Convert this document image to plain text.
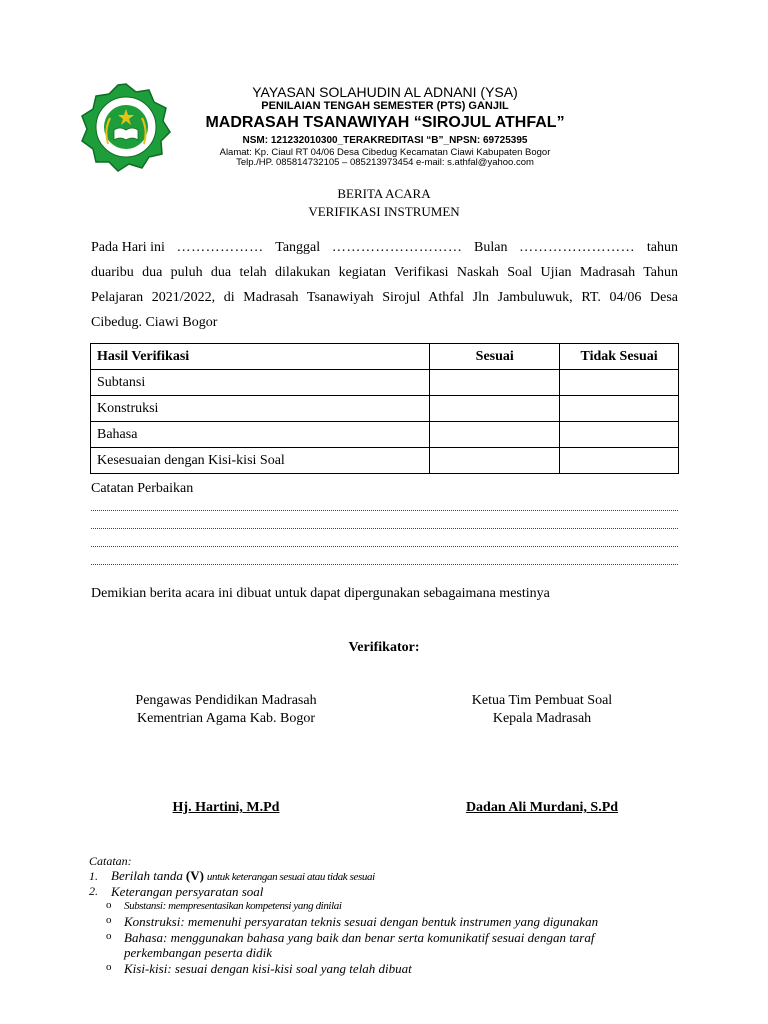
YAYASAN SOLAHUDIN AL ADNANI (YSA)
PENILAIAN TENGAH SEMESTER (PTS) GANJIL
MADRASAH TSANAWIYAH “SIROJUL ATHFAL”
NSM: 121232010300_TERAKREDITASI “B”_NPSN: 69725395
Alamat: Kp. Ciaul RT 04/06 Desa Cibedug Kecamatan Ciawi Kabupaten Bogor
Telp./HP. 085814732105 – 085213973454 e-mail: s.athfal@yahoo.com
BERITA ACARA
VERIFIKASI INSTRUMEN
Pada Hari ini ……………… Tanggal ……………………… Bulan …………………… tahun
duaribu dua puluh dua telah dilakukan kegiatan Verifikasi Naskah Soal Ujian Madrasah Tahun
Pelajaran 2021/2022, di Madrasah Tsanawiyah Sirojul Athfal Jln Jambuluwuk, RT. 04/06 Desa
Cibedug. Ciawi Bogor
Hasil Verifikasi	Sesuai	Tidak Sesuai
Subtansi		
Konstruksi		
Bahasa		
Kesesuaian dengan Kisi-kisi Soal		
Catatan Perbaikan
Demikian berita acara ini dibuat untuk dapat dipergunakan sebagaimana mestinya
Verifikator:
Pengawas Pendidikan Madrasah
Kementrian Agama Kab. Bogor
Ketua Tim Pembuat Soal
Kepala Madrasah
Hj. Hartini, M.Pd	Dadan Ali Murdani, S.Pd
Catatan:
1. Berilah tanda (V) untuk keterangan sesuai atau tidak sesuai
2. Keterangan persyaratan soal
o Substansi: mempresentasikan kompetensi yang dinilai
o Konstruksi: memenuhi persyaratan teknis sesuai dengan bentuk instrumen yang digunakan
o Bahasa: menggunakan bahasa yang baik dan benar serta komunikatif sesuai dengan taraf
perkembangan peserta didik
o Kisi-kisi: sesuai dengan kisi-kisi soal yang telah dibuat
